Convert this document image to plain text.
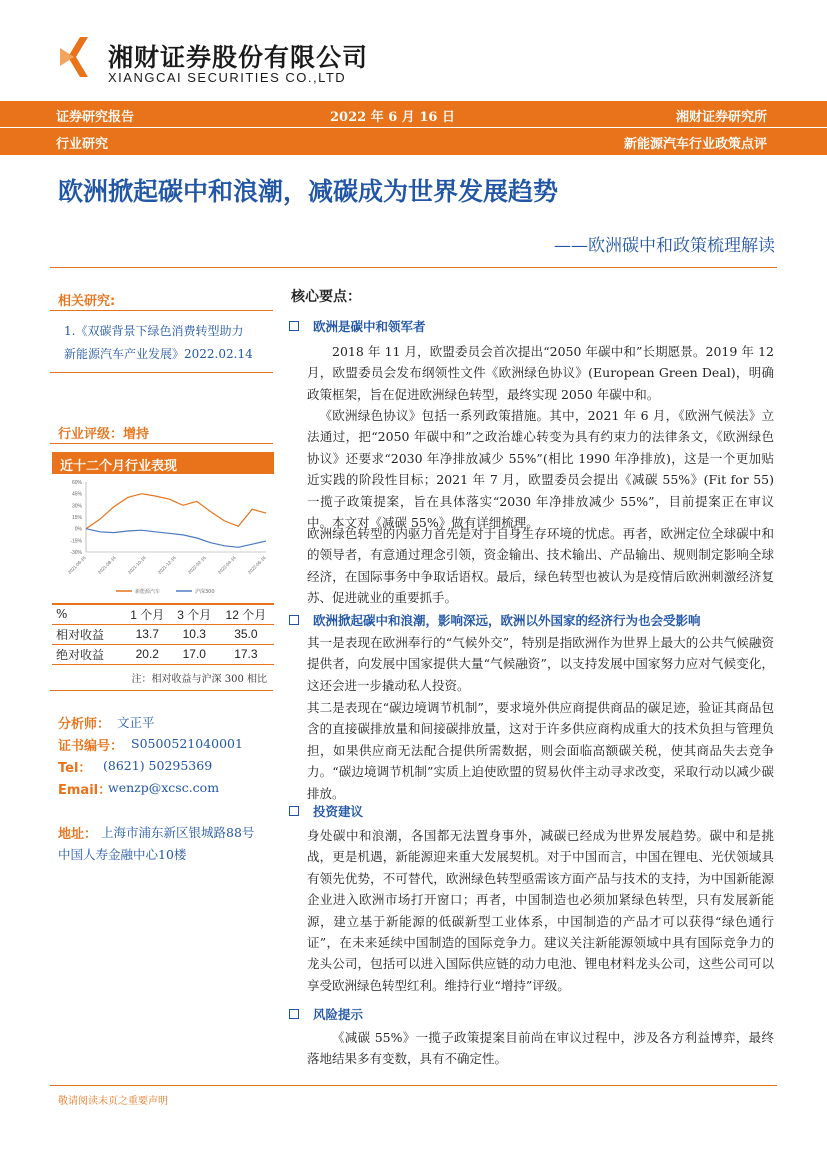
湘财证券股份有限公司
XIANGCAI SECURITIES CO.,LTD
证券研究报告	2022 年 6 月 16 日	湘财证券研究所
行业研究	新能源汽车行业政策点评
欧洲掀起碳中和浪潮，减碳成为世界发展趋势
——欧洲碳中和政策梳理解读
相关研究:
1.《双碳背景下绿色消费转型助力
新能源汽车产业发展》2022.02.14
行业评级：增持
近十二个月行业表现
60%
45%
30%
15%
0%
-15%
-30%
2021-06-16 2021-08-16 2021-10-16 2021-12-16 2022-02-16 2022-04-16 2022-06-16
新能源汽车	沪深300
%	1 个月	3 个月	12 个月
相对收益	13.7	10.3	35.0
绝对收益	20.2	17.0	17.3
注：相对收益与沪深 300 相比
分析师： 文正平
证书编号： S0500521040001
Tel： (8621) 50295369
Email：
wenzp@xcsc.com
地址： 上海市浦东新区银城路88号
中国人寿金融中心10楼
核心要点：
欧洲是碳中和领军者
2018 年 11 月，欧盟委员会首次提出“2050 年碳中和”长期愿景。2019 年 12 月，欧盟委员会发布纲领性文件《欧洲绿色协议》(European Green Deal)，明确政策框架，旨在促进欧洲绿色转型，最终实现 2050 年碳中和。
《欧洲绿色协议》包括一系列政策措施。其中，2021 年 6 月，《欧洲气候法》立法通过，把“2050 年碳中和”之政治雄心转变为具有约束力的法律条文，《欧洲绿色协议》还要求“2030 年净排放减少 55%”(相比 1990 年净排放)，这是一个更加贴近实践的阶段性目标；2021 年 7 月，欧盟委员会提出《减碳 55%》(Fit for 55) 一揽子政策提案，旨在具体落实“2030 年净排放减少 55%”，目前提案正在审议中。本文对《减碳 55%》做有详细梳理。
欧洲绿色转型的内驱力首先是对于自身生存环境的忧虑。再者，欧洲定位全球碳中和的领导者，有意通过理念引领，资金输出、技术输出、产品输出、规则制定影响全球经济，在国际事务中争取话语权。最后，绿色转型也被认为是疫情后欧洲刺激经济复苏、促进就业的重要抓手。
欧洲掀起碳中和浪潮，影响深远，欧洲以外国家的经济行为也会受影响
其一是表现在欧洲奉行的“气候外交”，特别是指欧洲作为世界上最大的公共气候融资提供者，向发展中国家提供大量“气候融资”，以支持发展中国家努力应对气候变化，这还会进一步撬动私人投资。
其二是表现在“碳边境调节机制”，要求境外供应商提供商品的碳足迹，验证其商品包含的直接碳排放量和间接碳排放量，这对于许多供应商构成重大的技术负担与管理负担，如果供应商无法配合提供所需数据，则会面临高额碳关税，使其商品失去竞争力。“碳边境调节机制”实质上迫使欧盟的贸易伙伴主动寻求改变，采取行动以减少碳排放。
投资建议
身处碳中和浪潮，各国都无法置身事外，减碳已经成为世界发展趋势。碳中和是挑战，更是机遇，新能源迎来重大发展契机。对于中国而言，中国在锂电、光伏领域具有领先优势，不可替代，欧洲绿色转型亟需该方面产品与技术的支持，为中国新能源企业进入欧洲市场打开窗口；再者，中国制造也必须加紧绿色转型，只有发展新能源，建立基于新能源的低碳新型工业体系，中国制造的产品才可以获得“绿色通行证”，在未来延续中国制造的国际竞争力。建议关注新能源领域中具有国际竞争力的龙头公司，包括可以进入国际供应链的动力电池、锂电材料龙头公司，这些公司可以享受欧洲绿色转型红利。维持行业“增持”评级。
风险提示
《减碳 55%》一揽子政策提案目前尚在审议过程中，涉及各方利益博弈，最终落地结果多有变数，具有不确定性。
敬请阅读末页之重要声明
